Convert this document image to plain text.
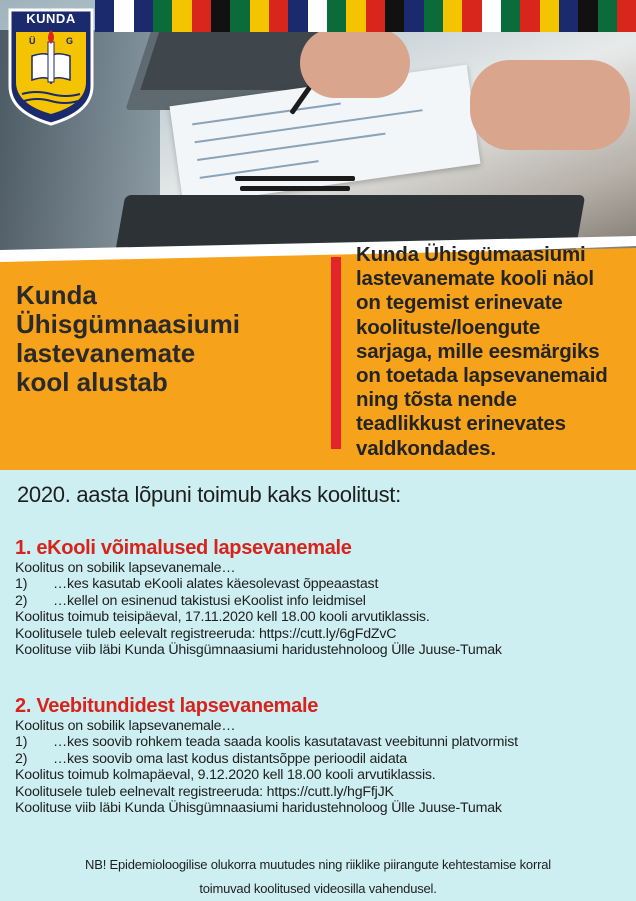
KUNDA
Ü G
Kunda
Ühisgümnaasiumi
lastevanemate
kool alustab
Kunda Ühisgümaasiumi
lastevanemate kooli näol
on tegemist erinevate
koolituste/loengute
sarjaga, mille eesmärgiks
on toetada lapsevanemaid
ning tõsta nende
teadlikkust erinevates
valdkondades.
2020. aasta lõpuni toimub kaks koolitust:
1. eKooli võimalused lapsevanemale
Koolitus on sobilik lapsevanemale…
1) …kes kasutab eKooli alates käesolevast õppeaastast
2) …kellel on esinenud takistusi eKoolist info leidmisel
Koolitus toimub teisipäeval, 17.11.2020 kell 18.00 kooli arvutiklassis.
Koolitusele tuleb eelevalt registreeruda: https://cutt.ly/6gFdZvC
Koolituse viib läbi Kunda Ühisgümnaasiumi haridustehnoloog Ülle Juuse-Tumak
2. Veebitundidest lapsevanemale
Koolitus on sobilik lapsevanemale…
1) …kes soovib rohkem teada saada koolis kasutatavast veebitunni platvormist
2) …kes soovib oma last kodus distantsõppe perioodil aidata
Koolitus toimub kolmapäeval, 9.12.2020 kell 18.00 kooli arvutiklassis.
Koolitusele tuleb eelnevalt registreeruda: https://cutt.ly/hgFfjJK
Koolituse viib läbi Kunda Ühisgümnaasiumi haridustehnoloog Ülle Juuse-Tumak
NB! Epidemioloogilise olukorra muutudes ning riiklike piirangute kehtestamise korral
toimuvad koolitused videosilla vahendusel.
